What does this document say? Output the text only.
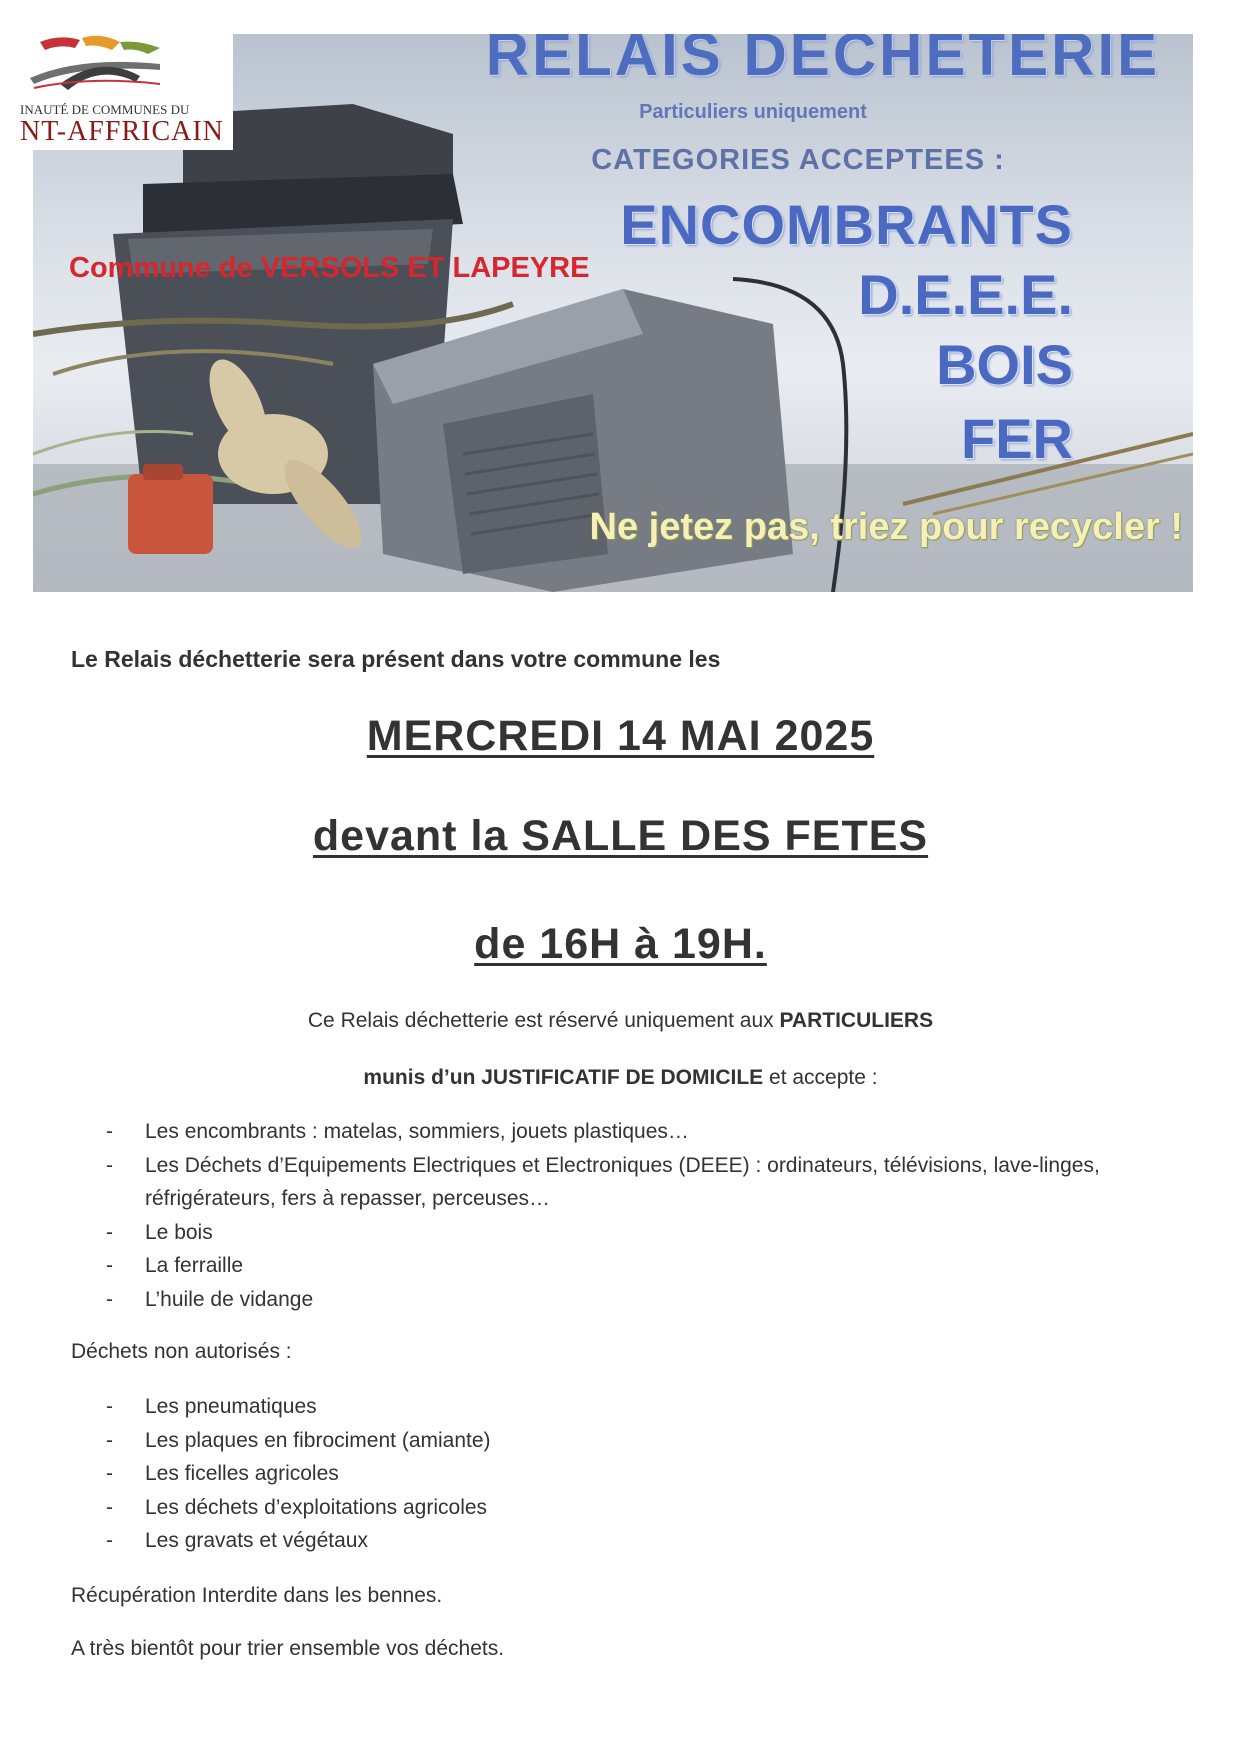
RELAIS DECHETERIE
Particuliers uniquement
CATEGORIES ACCEPTEES :
ENCOMBRANTS
D.E.E.E.
BOIS
FER
Ne jetez pas, triez pour recycler !
Commune de VERSOLS ET LAPEYRE
INAUTÉ DE COMMUNES DU
NT-AFFRICAIN
Le Relais déchetterie sera présent dans votre commune les
MERCREDI 14 MAI 2025
devant la SALLE DES FETES
de 16H à 19H.
Ce Relais déchetterie est réservé uniquement aux PARTICULIERS
munis d’un JUSTIFICATIF DE DOMICILE et accepte :
- Les encombrants : matelas, sommiers, jouets plastiques…
- Les Déchets d’Equipements Electriques et Electroniques (DEEE) : ordinateurs, télévisions, lave-linges, réfrigérateurs, fers à repasser, perceuses…
- Le bois
- La ferraille
- L’huile de vidange
Déchets non autorisés :
- Les pneumatiques
- Les plaques en fibrociment (amiante)
- Les ficelles agricoles
- Les déchets d’exploitations agricoles
- Les gravats et végétaux
Récupération Interdite dans les bennes.
A très bientôt pour trier ensemble vos déchets.
